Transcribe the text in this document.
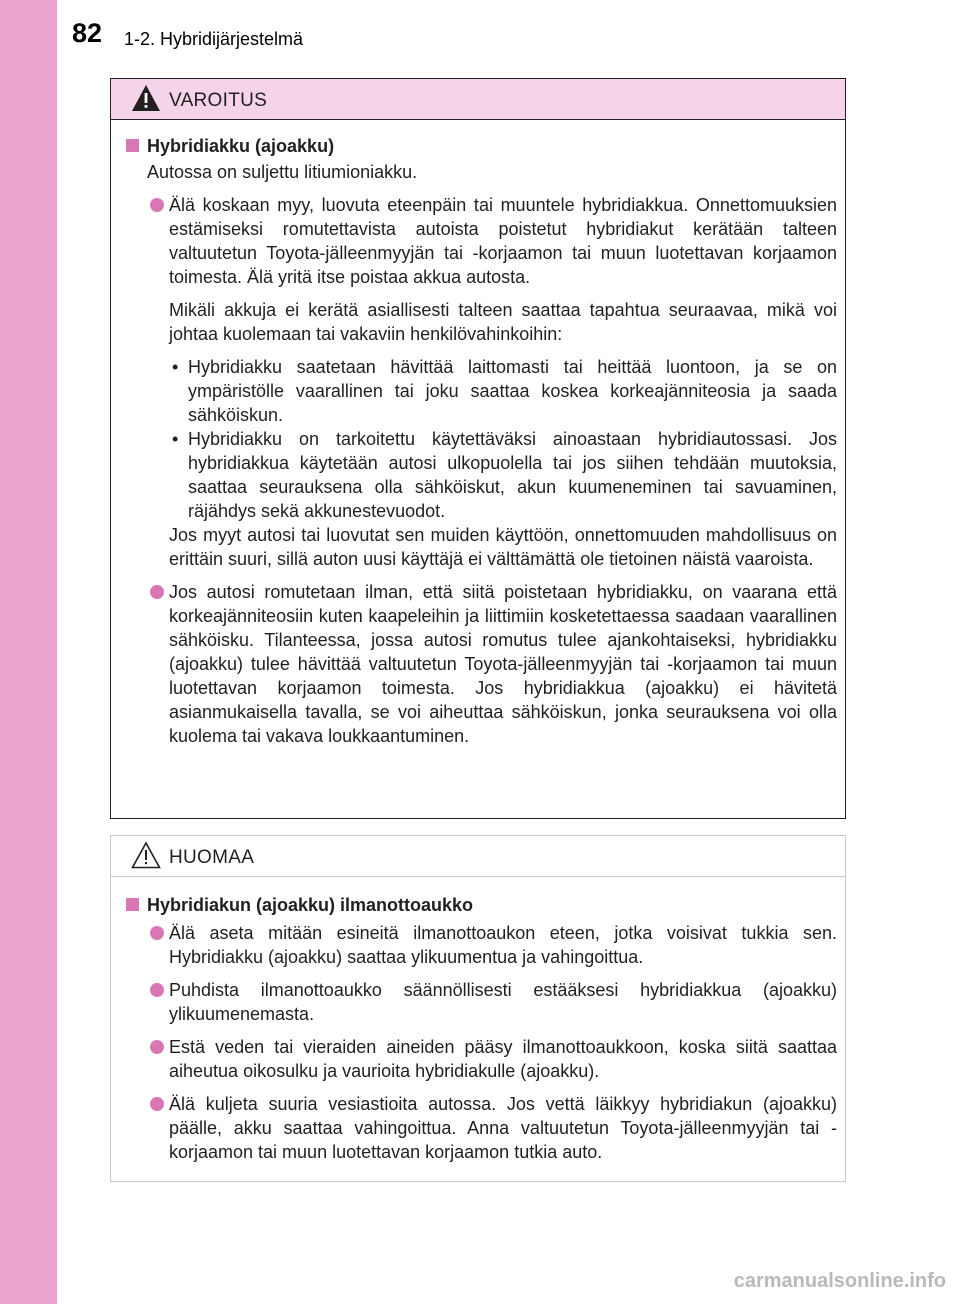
82 1-2. Hybridijärjestelmä
VAROITUS
Hybridiakku (ajoakku)
Autossa on suljettu litiumioniakku.
Älä koskaan myy, luovuta eteenpäin tai muuntele hybridiakkua. Onnettomuuksien estämiseksi romutettavista autoista poistetut hybridiakut kerätään talteen valtuutetun Toyota-jälleenmyyjän tai -korjaamon tai muun luotettavan korjaamon toimesta. Älä yritä itse poistaa akkua autosta.
Mikäli akkuja ei kerätä asiallisesti talteen saattaa tapahtua seuraavaa, mikä voi johtaa kuolemaan tai vakaviin henkilövahinkoihin:
• Hybridiakku saatetaan hävittää laittomasti tai heittää luontoon, ja se on ympäristölle vaarallinen tai joku saattaa koskea korkeajänniteosia ja saada sähköiskun.
• Hybridiakku on tarkoitettu käytettäväksi ainoastaan hybridiautossasi. Jos hybridiakkua käytetään autosi ulkopuolella tai jos siihen tehdään muutoksia, saattaa seurauksena olla sähköiskut, akun kuumeneminen tai savuaminen, räjähdys sekä akkunestevuodot.
Jos myyt autosi tai luovutat sen muiden käyttöön, onnettomuuden mahdollisuus on erittäin suuri, sillä auton uusi käyttäjä ei välttämättä ole tietoinen näistä vaaroista.
Jos autosi romutetaan ilman, että siitä poistetaan hybridiakku, on vaarana että korkeajänniteosiin kuten kaapeleihin ja liittimiin kosketettaessa saadaan vaarallinen sähköisku. Tilanteessa, jossa autosi romutus tulee ajankohtaiseksi, hybridiakku (ajoakku) tulee hävittää valtuutetun Toyota-jälleenmyyjän tai -korjaamon tai muun luotettavan korjaamon toimesta. Jos hybridiakkua (ajoakku) ei hävitetä asianmukaisella tavalla, se voi aiheuttaa sähköiskun, jonka seurauksena voi olla kuolema tai vakava loukkaantuminen.
HUOMAA
Hybridiakun (ajoakku) ilmanottoaukko
Älä aseta mitään esineitä ilmanottoaukon eteen, jotka voisivat tukkia sen. Hybridiakku (ajoakku) saattaa ylikuumentua ja vahingoittua.
Puhdista ilmanottoaukko säännöllisesti estääksesi hybridiakkua (ajoakku) ylikuumenemasta.
Estä veden tai vieraiden aineiden pääsy ilmanottoaukkoon, koska siitä saattaa aiheutua oikosulku ja vaurioita hybridiakulle (ajoakku).
Älä kuljeta suuria vesiastioita autossa. Jos vettä läikkyy hybridiakun (ajoakku) päälle, akku saattaa vahingoittua. Anna valtuutetun Toyota-jälleenmyyjän tai -korjaamon tai muun luotettavan korjaamon tutkia auto.
carmanualsonline.info
